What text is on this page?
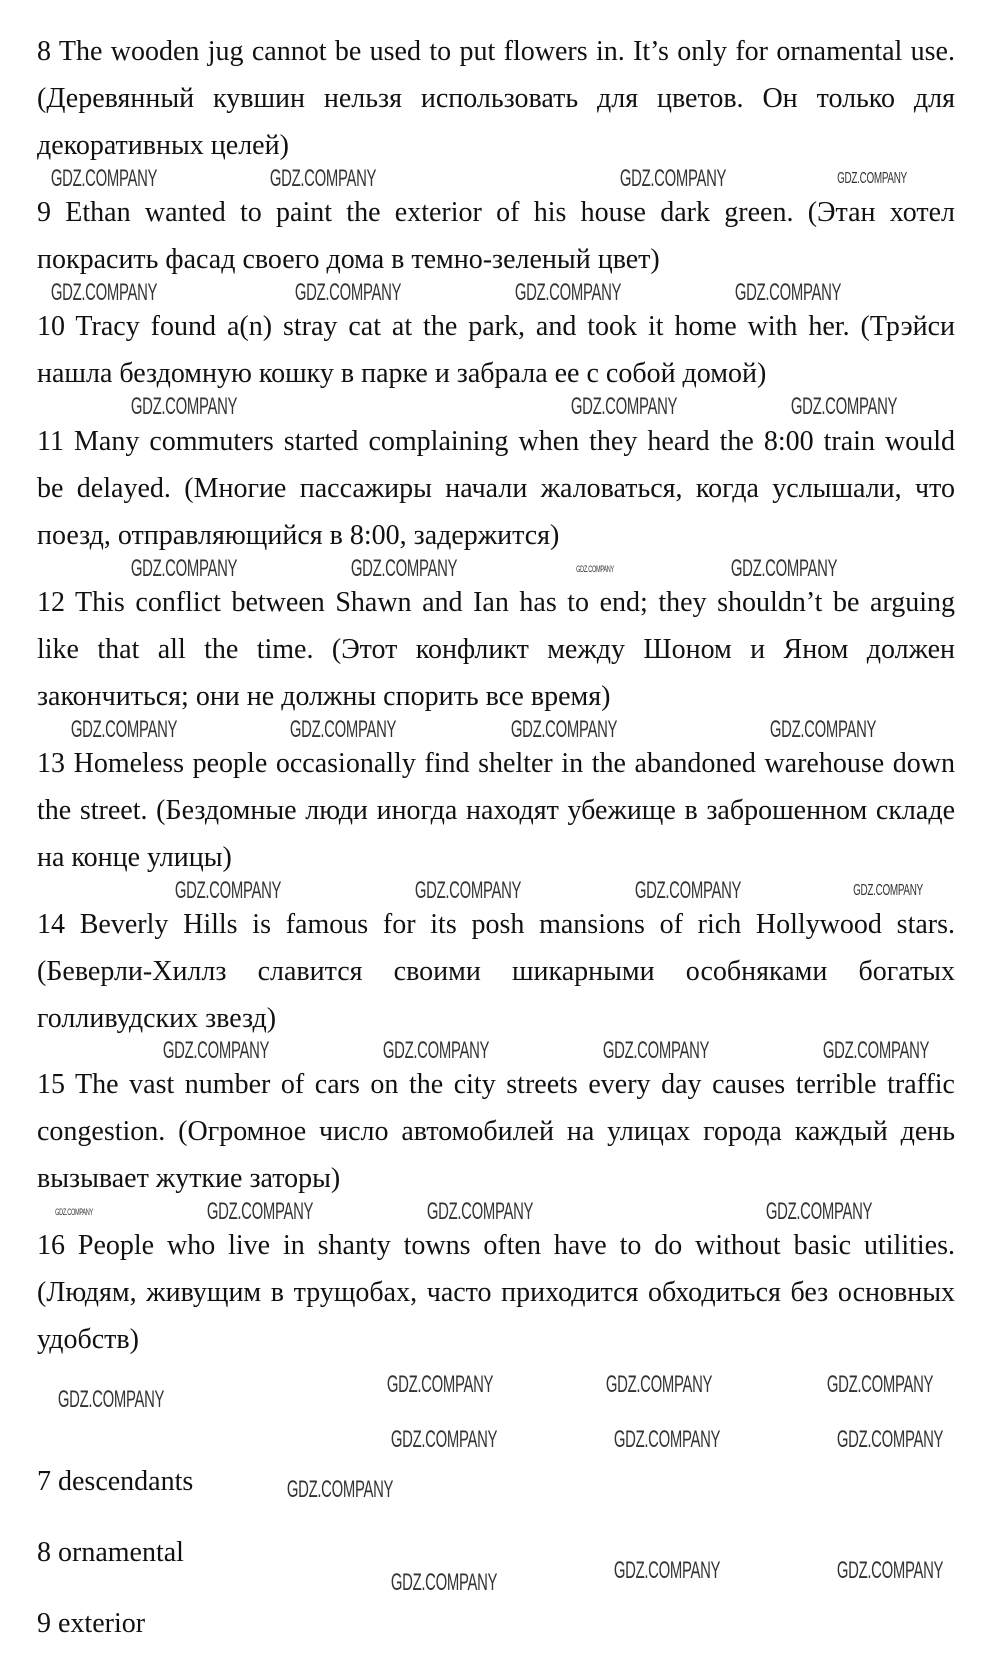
8 The wooden jug cannot be used to put flowers in. It’s only for ornamental use. (Деревянный кувшин нельзя использовать для цветов. Он только для декоративных целей)
9 Ethan wanted to paint the exterior of his house dark green. (Этан хотел покрасить фасад своего дома в темно-зеленый цвет)
10 Tracy found a(n) stray cat at the park, and took it home with her. (Трэйси нашла бездомную кошку в парке и забрала ее с собой домой)
11 Many commuters started complaining when they heard the 8:00 train would be delayed. (Многие пассажиры начали жаловаться, когда услышали, что поезд, отправляющийся в 8:00, задержится)
12 This conflict between Shawn and Ian has to end; they shouldn’t be arguing like that all the time. (Этот конфликт между Шоном и Яном должен закончиться; они не должны спорить все время)
13 Homeless people occasionally find shelter in the abandoned warehouse down the street. (Бездомные люди иногда находят убежище в заброшенном складе на конце улицы)
14 Beverly Hills is famous for its posh mansions of rich Hollywood stars. (Беверли-Хиллз славится своими шикарными особняками богатых голливудских звезд)
15 The vast number of cars on the city streets every day causes terrible traffic congestion. (Огромное число автомобилей на улицах города каждый день вызывает жуткие заторы)
16 People who live in shanty towns often have to do without basic utilities. (Людям, живущим в трущобах, часто приходится обходиться без основных удобств)
7 descendants
8 ornamental
9 exterior
GDZ.COMPANY	GDZ.COMPANY	GDZ.COMPANY	GDZ.COMPANY
GDZ.COMPANY	GDZ.COMPANY	GDZ.COMPANY	GDZ.COMPANY
GDZ.COMPANY	GDZ.COMPANY	GDZ.COMPANY
GDZ.COMPANY	GDZ.COMPANY	GDZ.COMPANY	GDZ.COMPANY
GDZ.COMPANY	GDZ.COMPANY	GDZ.COMPANY	GDZ.COMPANY
GDZ.COMPANY	GDZ.COMPANY	GDZ.COMPANY	GDZ.COMPANY
GDZ.COMPANY	GDZ.COMPANY	GDZ.COMPANY	GDZ.COMPANY
GDZ.COMPANY	GDZ.COMPANY	GDZ.COMPANY	GDZ.COMPANY
GDZ.COMPANY
GDZ.COMPANY	GDZ.COMPANY	GDZ.COMPANY
GDZ.COMPANY	GDZ.COMPANY	GDZ.COMPANY
GDZ.COMPANY
GDZ.COMPANY	GDZ.COMPANY	GDZ.COMPANY
